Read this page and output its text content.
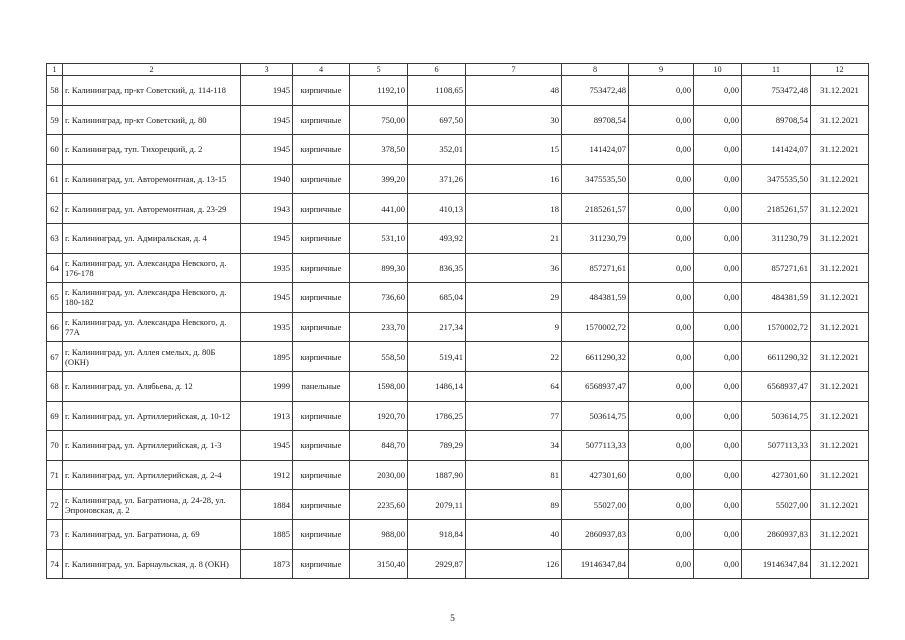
1	2	3	4	5	6	7	8	9	10	11	12
58	г. Калининград, пр-кт Советский, д. 114-118	1945	кирпичные	1192,10	1108,65	48	753472,48	0,00	0,00	753472,48	31.12.2021
59	г. Калининград, пр-кт Советский, д. 80	1945	кирпичные	750,00	697,50	30	89708,54	0,00	0,00	89708,54	31.12.2021
60	г. Калининград, туп. Тихорецкий, д. 2	1945	кирпичные	378,50	352,01	15	141424,07	0,00	0,00	141424,07	31.12.2021
61	г. Калининград, ул. Авторемонтная, д. 13-15	1940	кирпичные	399,20	371,26	16	3475535,50	0,00	0,00	3475535,50	31.12.2021
62	г. Калининград, ул. Авторемонтная, д. 23-29	1943	кирпичные	441,00	410,13	18	2185261,57	0,00	0,00	2185261,57	31.12.2021
63	г. Калининград, ул. Адмиральская, д. 4	1945	кирпичные	531,10	493,92	21	311230,79	0,00	0,00	311230,79	31.12.2021
64	г. Калининград, ул. Александра Невского, д. 176-178	1935	кирпичные	899,30	836,35	36	857271,61	0,00	0,00	857271,61	31.12.2021
65	г. Калининград, ул. Александра Невского, д. 180-182	1945	кирпичные	736,60	685,04	29	484381,59	0,00	0,00	484381,59	31.12.2021
66	г. Калининград, ул. Александра Невского, д. 77А	1935	кирпичные	233,70	217,34	9	1570002,72	0,00	0,00	1570002,72	31.12.2021
67	г. Калининград, ул. Аллея смелых, д. 80Б (ОКН)	1895	кирпичные	558,50	519,41	22	6611290,32	0,00	0,00	6611290,32	31.12.2021
68	г. Калининград, ул. Алябьева, д. 12	1999	панельные	1598,00	1486,14	64	6568937,47	0,00	0,00	6568937,47	31.12.2021
69	г. Калининград, ул. Артиллерийская, д. 10-12	1913	кирпичные	1920,70	1786,25	77	503614,75	0,00	0,00	503614,75	31.12.2021
70	г. Калининград, ул. Артиллерийская, д. 1-3	1945	кирпичные	848,70	789,29	34	5077113,33	0,00	0,00	5077113,33	31.12.2021
71	г. Калининград, ул. Артиллерийская, д. 2-4	1912	кирпичные	2030,00	1887,90	81	427301,60	0,00	0,00	427301,60	31.12.2021
72	г. Калининград, ул. Багратиона, д. 24-28, ул. Эпроновская, д. 2	1884	кирпичные	2235,60	2079,11	89	55027,00	0,00	0,00	55027,00	31.12.2021
73	г. Калининград, ул. Багратиона, д. 69	1885	кирпичные	988,00	918,84	40	2860937,83	0,00	0,00	2860937,83	31.12.2021
74	г. Калининград, ул. Барнаульская, д. 8 (ОКН)	1873	кирпичные	3150,40	2929,87	126	19146347,84	0,00	0,00	19146347,84	31.12.2021
5
